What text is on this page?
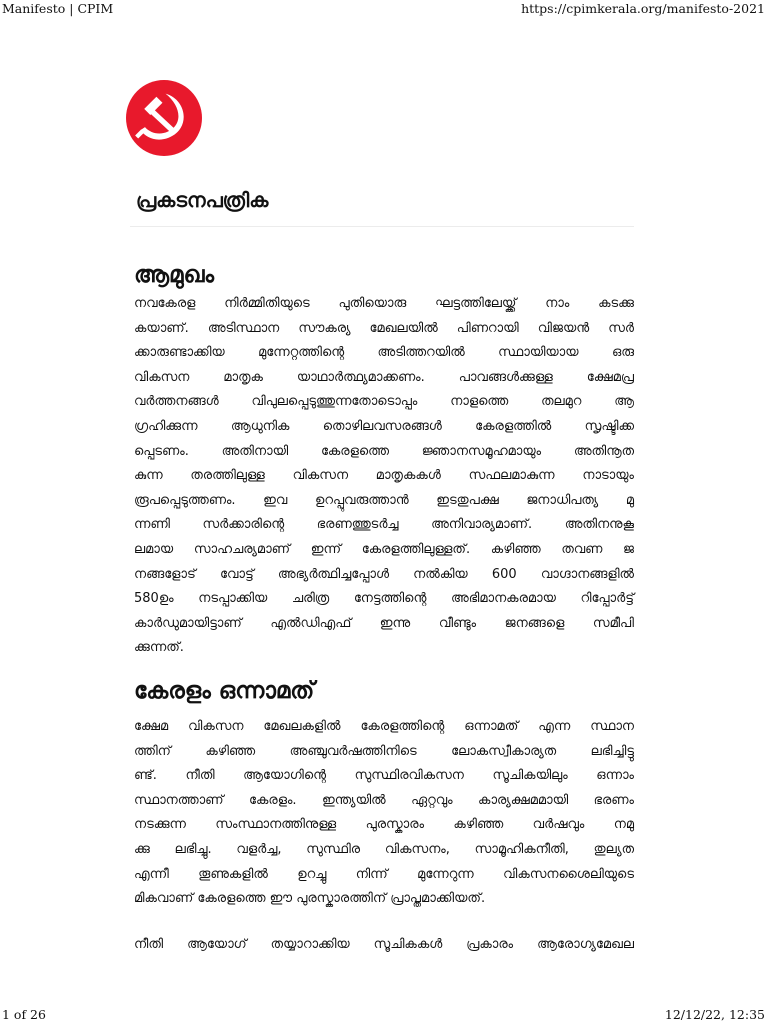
Manifesto | CPIM	https://cpimkerala.org/manifesto-2021
പ്രകടനപത്രിക
ആമുഖം

നവകേരള നിർമ്മിതിയുടെ പുതിയൊരു ഘട്ടത്തിലേയ്ക്ക് നാം കടക്കു
കയാണ്. അടിസ്ഥാന സൗകര്യ മേഖലയിൽ പിണറായി വിജയൻ സർ
ക്കാരുണ്ടാക്കിയ മുന്നേറ്റത്തിന്റെ അടിത്തറയിൽ സ്ഥായിയായ ഒരു
വികസന മാതൃക യാഥാർത്ഥ്യമാക്കണം. പാവങ്ങൾക്കുള്ള ക്ഷേമപ്ര
വർത്തനങ്ങൾ വിപുലപ്പെടുത്തുന്നതോടൊപ്പം നാളത്തെ തലമുറ ആ
ഗ്രഹിക്കുന്ന ആധുനിക തൊഴിലവസരങ്ങൾ കേരളത്തിൽ സൃഷ്ടിക്ക
പ്പെടണം. അതിനായി കേരളത്തെ ജ്ഞാനസമൂഹമായും അതിനൂത
കുന്ന തരത്തിലുള്ള വികസന മാതൃകകൾ സഫലമാകുന്ന നാടായും
രൂപപ്പെടുത്തണം. ഇവ ഉറപ്പുവരുത്താൻ ഇടതുപക്ഷ ജനാധിപത്യ മു
ന്നണി സർക്കാരിന്റെ ഭരണത്തുടർച്ച അനിവാര്യമാണ്. അതിനനുകൂ
ലമായ സാഹചര്യമാണ് ഇന്ന് കേരളത്തിലുള്ളത്. കഴിഞ്ഞ തവണ ജ
നങ്ങളോട് വോട്ട് അഭ്യർത്ഥിച്ചപ്പോൾ നൽകിയ 600 വാഗ്ദാനങ്ങളിൽ
580ഉം നടപ്പാക്കിയ ചരിത്ര നേട്ടത്തിന്റെ അഭിമാനകരമായ റിപ്പോർട്ട്
കാർഡുമായിട്ടാണ് എൽഡിഎഫ് ഇന്നു വീണ്ടും ജനങ്ങളെ സമീപി
ക്കുന്നത്.

കേരളം ഒന്നാമത്

ക്ഷേമ വികസന മേഖലകളിൽ കേരളത്തിന്റെ ഒന്നാമത് എന്ന സ്ഥാന
ത്തിന് കഴിഞ്ഞ അഞ്ചുവർഷത്തിനിടെ ലോകസ്വീകാര്യത ലഭിച്ചിട്ടു
ണ്ട്. നീതി ആയോഗിന്റെ സുസ്ഥിരവികസന സൂചികയിലും ഒന്നാം
സ്ഥാനത്താണ് കേരളം. ഇന്ത്യയിൽ ഏറ്റവും കാര്യക്ഷമമായി ഭരണം
നടക്കുന്ന സംസ്ഥാനത്തിനുള്ള പുരസ്കാരം കഴിഞ്ഞ വർഷവും നമു
ക്കു ലഭിച്ചു. വളർച്ച, സുസ്ഥിര വികസനം, സാമൂഹികനീതി, തുല്യത
എന്നീ തൂണുകളിൽ ഉറച്ചു നിന്ന് മുന്നേറുന്ന വികസനശൈലിയുടെ
മികവാണ് കേരളത്തെ ഈ പുരസ്കാരത്തിന് പ്രാപ്തമാക്കിയത്.

നീതി ആയോഗ് തയ്യാറാക്കിയ സൂചികകൾ പ്രകാരം ആരോഗ്യമേഖല

1 of 26	12/12/22, 12:35
